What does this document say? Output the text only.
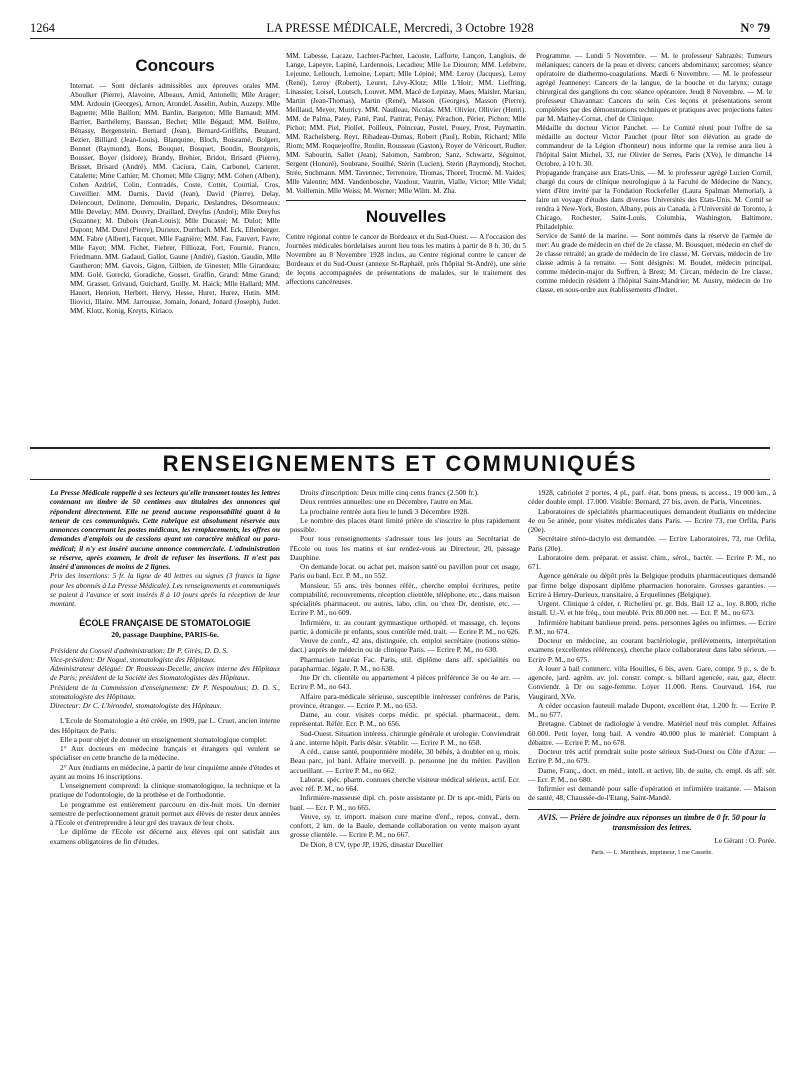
1264	LA PRESSE MÉDICALE, Mercredi, 3 Octobre 1928	N° 79
Concours

Internat. — Sont déclarés admissibles aux épreuves orales MM. Aboulker (Pierre), Alavoine, Albeaux, Amid, Antonelli; Mlle Arager; MM. Ardouin (Georges), Arnon, Arondel, Asselin, Aubin, Auzepy. Mlle Baguette; Mlle Baillon; MM. Bardin, Bargeton; Mlle Barnaud; MM. Barrier, Barthélemy, Baussan, Bechet; Mlle Bégaud; MM. Belêtre, Bénassy, Bergenstein, Bernard (Jean), Bernard-Griffiths, Beuzard, Bezier, Billiard (Jean-Louis), Blanquine, Bloch, Boisramé, Bolgert, Bonnet (Raymond), Bons, Bouquet, Bosquet, Boudin, Bourgeois, Bousser, Boyer (Isidore), Brandy, Brehier, Bridot, Brisard (Pierre), Brisset, Brisard (André). MM. Caciura, Cain, Carbonel, Carteret, Catalette; Mme Cathier; M. Chomet; Mlle Cligny; MM. Cohen (Albert), Cohen Azdriel, Colin, Contradès, Coste, Cottet, Courtial, Cros, Cuveillier. MM. Darnis, David (Jean), David (Pierre), Delay, Delencourt, Delinotte, Demoulin, Deparic, Deslandres, Désormeaux; Mlle Develay; MM. Douvry, Draillard, Dreyfus (André); Mlle Dreyfus (Suzanne); M. Dubois (Jean-Louis); Mlle Ducasté; M. Dulot; Mlle Dupont; MM. Durel (Pierre), Durieux, Durrbach. MM. Eck, Ellenberger. MM. Fabre (Albert), Facquet, Mlle Fagnière; MM. Fau, Fauvert, Favre; Mlle Fayot; MM. Fichet, Fiehrer, Filliozat, Fort, Fournié, Franco, Friedmann. MM. Gadaud, Gallot, Gaune (André), Gaston, Gaudin, Mlle Gautheron; MM. Gavois, Gigon, Gilbien, de Ginestet; Mlle Girardeau; MM. Golé, Gorecki, Goradiche, Gosset, Graffin, Grand; Mme Grand; MM. Grasset, Grivaud, Guichard, Guilly. M. Haick; Mlle Hallard; MM. Hauert, Henrion, Herbert, Hervy, Hesse, Huret, Hurez, Hutin. MM. Iliovici, Illaire. MM. Jarrousse, Jomain, Jonard, Jonard (Joseph), Judet. MM. Klotz, Konig, Kreyts, Kiriaco.

MM. Labesse, Lacaze, Lachter-Pachter, Lacoste, Lafforte, Lançon, Langlois, de Lange, Lapeyre, Lapiné, Lardennois, Lecadieu; Mlle Le Diouron; MM. Lefebvre, Lejeune, Lellouch, Lemoine, Lepart; Mlle Lépiné; MM. Leroy (Jacques), Leroy (René), Leroy (Robert), Leuret, Lévy-Klotz; Mlle L'Hoir; MM. Lieffring, Linassier, Loisel, Loutsch, Louvet. MM. Macé de Lepinay, Maes, Maisler, Mariau, Martin (Jean-Thomas), Martin (René), Masson (Georges), Masson (Pierre), Meillaud, Meyer, Mutricy. MM. Naulleau, Nicolas. MM. Olivier, Ollivier (Henri). MM. de Palma, Patey, Patté, Paul, Pantrat, Penay, Pérachon, Périer, Pichon; Mlle Pichot; MM. Piel, Piollet, Poilleux, Poinceau, Postel, Pouey, Prost, Puymartin. MM. Rachelsberg, Reyt, Ribadeau-Dumas, Robert (Paul), Robin, Richard; Mlle Riom; MM. Roquejeoffre, Roulin, Rousseau (Gaston), Royer de Véricourt, Rudler. MM. Sabourin, Sallet (Jean), Salomon, Sambron, Sanz, Schwartz, Séguinot, Sergent (Honoré), Soubrane, Souilhé, Stérin (Lucien), Sterin (Raymond), Stochet, Strée, Suchmann. MM. Tavennec, Terrenoire, Thomas, Thorel, Trocmé. M. Vaides; Mlle Valentin; MM. Vandenbosche, Vaudour, Vautrin, Vialle, Victor; Mlle Vidal; M. Voillemin. Mlle Weiss; M. Werner; Mlle Wilm. M. Zha.

Nouvelles

Centre régional contre le cancer de Bordeaux et du Sud-Ouest. — A l'occasion des Journées médicales bordelaises auront lieu tous les matins à partir de 8 h. 30, du 5 Novembre au 8 Novembre 1928 inclus, au Centre régional contre le cancer de Bordeaux et du Sud-Ouest (annexe St-Raphaël, près l'hôpital St-André), une série de leçons accompagnées de présentations de malades, sur le traitement des affections cancéreuses.

Programme. — Lundi 5 Novembre. — M. le professeur Sabrazès: Tumeurs mélaniques; cancers de la peau et divers; cancers abdominaux; sarcomes; séance opératoire de diathermo-coagulations. Mardi 6 Novembre. — M. le professeur agrégé Jeanneney: Cancers de la langue, de la bouche et du larynx; curage chirurgical des ganglions du cou: séance opératoire. Jeudi 8 Novembre. — M. le professeur Chavannaz: Cancers du sein. Ces leçons et présentations seront complétées par des démonstrations techniques et pratiques avec projections faites par M. Mathey-Cornat, chef de Clinique.

Médaille du docteur Victor Pauchet. — Le Comité réuni pour l'offre de sa médaille au docteur Victor Pauchet (pour fêter son élévation au grade de commandeur de la Légion d'honneur) nous informe que la remise aura lieu à l'hôpital Saint Michel, 33, rue Olivier de Serres, Paris (XVe), le dimanche 14 Octobre, à 10 h. 30.

Propagande française aux Etats-Unis. — M. le professeur agrégé Lucien Cornil, chargé du cours de clinique neurologique à la Faculté de Médecine de Nancy, vient d'être invité par la Fondation Rockefeller (Laura Spalman Memorial), à faire un voyage d'études dans diverses Universités des Etats-Unis. M. Cornil se rendra à New-York, Boston, Albany, puis au Canada, à l'Université de Toronto, à Chicago, Rochester, Saint-Louis, Columbia, Washington, Baltimore, Philadelphie.

Service de Santé de la marine. — Sont nommés dans la réserve de l'armée de mer: Au grade de médecin en chef de 2e classe, M. Bousquet, médecin en chef de 2e classe retraité; au grade de médecin de 1re classe, M. Gervais, médecin de 1re classe admis à la retraite. — Sont désignés: M. Boudet, médecin principal, comme médecin-major du Suffren, à Brest; M. Circan, médecin de 1re classe, comme médecin résident à l'hôpital Saint-Mandrier; M. Austry, médecin de 1re classe, en sous-ordre aux établissements d'Indret.

RENSEIGNEMENTS ET COMMUNIQUÉS

La Presse Médicale rappelle à ses lecteurs qu'elle transmet toutes les lettres contenant un timbre de 50 centimes aux titulaires des annonces qui répondent directement. Elle ne prend aucune responsabilité quant à la teneur de ces communiqués. Cette rubrique est absolument réservée aux annonces concernant les postes médicaux, les remplacements, les offres ou demandes d'emplois ou de cessions ayant un caractère médical ou para-médical; il n'y est inséré aucune annonce commerciale. L'administration se réserve, après examen, le droit de refuser les insertions. Il n'est pas inséré d'annonces de moins de 2 lignes.

Prix des insertions: 5 fr. la ligne de 40 lettres ou signes (3 francs la ligne pour les abonnés à La Presse Médicale). Les renseignements et communiqués se paient à l'avance et sont insérés 8 à 10 jours après la réception de leur montant.

ÉCOLE FRANÇAISE DE STOMATOLOGIE
20, passage Dauphine, PARIS-6e.

Président du Conseil d'administration: Dr P. Girès, D. D. S.

Vice-président: Dr Nogué, stomatologiste des Hôpitaux.

Administrateur délégué: Dr Rousseau-Decelle, ancien interne des Hôpitaux de Paris; président de la Société des Stomatologistes des Hôpitaux.

Président de la Commission d'enseignement: Dr P. Nespoulous; D. D. S., stomatologiste des Hôpitaux.

Directeur: Dr C. L'hirondel, stomatologiste des Hôpitaux.

L'Ecole de Stomatologie a été créée, en 1909, par L. Cruet, ancien interne des Hôpitaux de Paris.

Elle a pour objet de donner un enseignement stomatologique complet:

1° Aux docteurs en médecine français et étrangers qui veulent se spécialiser en cette branche de la médecine.

2° Aux étudiants en médecine, à partir de leur cinquième année d'études et ayant au moins 16 inscriptions.

L'enseignement comprend: la clinique stomatologique, la technique et la pratique de l'odontologie, de la prothèse et de l'orthodontie.

Le programme est entièrement parcouru en dix-huit mois. Un dernier semestre de perfectionnement gratuit permet aux élèves de rester deux années à l'Ecole et d'entreprendre à leur gré des travaux de leur choix.

Le diplôme de l'Ecole est décerné aux élèves qui ont satisfait aux examens obligatoires de fin d'études.

Droits d'inscription: Deux mille cinq cents francs (2.500 fr.).

Deux rentrées annuelles: une en Décembre, l'autre en Mai.

La prochaine rentrée aura lieu le lundi 3 Décembre 1928.

Le nombre des places étant limité prière de s'inscrire le plus rapidement possible.

Pour tous renseignements s'adresser tous les jours au Secrétariat de l'Ecole ou tous les matins et sur rendez-vous au Directeur, 20, passage Dauphine.

On demande locat. ou achat pet. maison santé ou pavillon pour cet usage, Paris ou banl. Ecr. P. M., no 552.

Monsieur, 55 ans, très bonnes référ., cherche emploi écritures, petite comptabilité, recouvrements, réception clientèle, téléphone, etc., dans maison spécialités pharmaceut. ou autres, labo, clin. ou chez Dr, dentiste, etc. — Ecrire P. M., no 609.

Infirmière, tr. au courant gymnastique orthopéd. et massage, ch. leçons partic. à domicile pr enfants, sous contrôle méd. trait. — Ecrire P. M., no 626.

Veuve de confr., 42 ans, distinguée, ch. emploi secrétaire (notions sténo-dact.) auprès de médecin ou de clinique Paris. — Ecrire P. M., no 630.

Pharmacien lauréat Fac. Paris, util. diplôme dans aff. spécialités ou parapharmac. légale. P. M., no 638.

Jne Dr ch. clientèle ou appartement 4 pièces préférence 3e ou 4e arr. — Ecrire P. M., no 643.

Affaire para-médicale sérieuse, susceptible intéresser confrères de Paris, province, étranger. — Ecrire P. M., no 653.

Dame, au cour. visites corps médic. pr spécial. pharmaceut., dem. représentat. Référ. Ecr. P. M., no 656.

Sud-Ouest. Situation intéress. chirurgie générale et urologie. Conviendrait à anc. interne hôpit. Paris désir. s'établir. — Ecrire P. M., no 658.

A céd., cause santé, pouponnière modèle, 30 bébés, à doubler en q. mois. Beau parc, jol banl. Affaire merveill. p. personne jne du métier. Pavillon accueillant. — Ecrire P. M., no 662.

Laborat. spéc. pharm. connues cherche visiteur médical sérieux, actif. Ecr. avec réf. P. M., no 664.

Infirmière-masseuse dipl. ch. poste assistante pr. Dr ts apr.-midi, Paris ou banl. — Ecr. P. M., no 665.

Veuve, sy. tr. import. maison cure marine d'enf., repos, conval., dern. confort, 2 km. de la Baule, demande collaboration ou vente maison ayant grosse clientèle. — Ecrire P. M., no 667.

De Dion, 8 CV, type JP, 1926, dinastar Ducellier

1928, cabriolet 2 portes, 4 pl., parf. état, bons pneus, ts access., 19 000 km., à céder double empl. 17.000. Visible: Bernard, 27 bis, aven. de Paris, Vincennes.

Laboratoires de spécialités pharmaceutiques demandent étudiants en médecine 4e ou 5e année, pour visites médicales dans Paris. — Ecrire 73, rue Orfila, Paris (20e).

Secrétaire sténo-dactylo est demandée. — Ecrire Laboratoires, 73, rue Orfila, Paris (20e).

Laboratoire dem. préparat. et assist. chim., sérol., bactér. — Ecrire P. M., no 671.

Agence générale ou dépôt près la Belgique produits pharmaceutiques demandé par firme belge disposant diplôme pharmacien honoraire. Grosses garanties. — Ecrire à Henry-Durieux, transitaire, à Erquelinnes (Belgique).

Urgent. Clinique à céder, r. Richelieu pr. gr. Bds. Bail 12 a., loy. 8.800, riche install. U.-V. et hte fréq., tout meublé. Prix 80.000 net. — Ecr. P. M., no 673.

Infirmière habitant banlieue prend. pens. personnes âgées ou infirmes. — Ecrire P. M., no 674.

Docteur en médecine, au courant bactériologie, prélèvements, interprétation examens (excellentes références), cherche place collaborateur dans labo sérieux. — Ecrire P. M., no 675.

A louer à bail commerc. villa Houilles, 6 bis, aven. Gare, compr. 9 p., s. de b. agencée, jard. agrém. av. jol. constr. compr. s. billard agencée, eau, gaz, électr. Conviendr. à Dr ou sage-femme. Loyer 11.000. Rens. Courvaud, 164, rue Vaugirard, XVe.

A céder occasion fauteuil malade Dupont, excellent état, 1.200 fr. — Ecrire P. M., no 677.

Bretagne. Cabinet de radiologie à vendre. Matériel neuf très complet. Affaires 60.000. Petit loyer, long bail. A vendre 40.000 plus le matériel. Comptant à débattre. — Ecrire P. M., no 678.

Docteur très actif prendrait suite poste sérieux Sud-Ouest ou Côte d'Azur. — Ecrire P. M., no 679.

Dame, Franç., doct. en méd., intell. et active, lib. de suite, ch. empl. ds aff. sér. — Ecr. P. M., no 680.

Infirmier est demandé pour salle d'opération et infirmière traitante. — Maison de santé, 48, Chaussée-de-l'Etang, Saint-Mandé.

AVIS. — Prière de joindre aux réponses un timbre de 0 fr. 50 pour la transmission des lettres.
Le Gérant : O. Porée.
Paris. — L. Maretheux, imprimeur, 1 rue Cassette.
